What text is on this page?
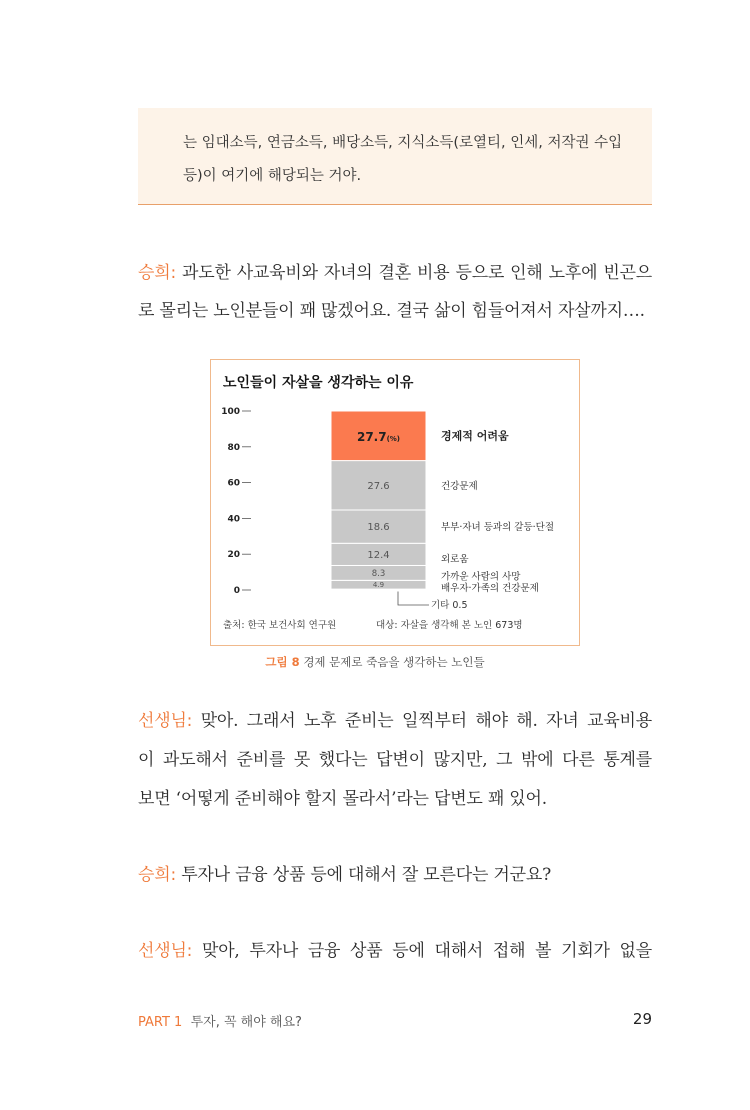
는 임대소득, 연금소득, 배당소득, 지식소득(로열티, 인세, 저작권 수입
등)이 여기에 해당되는 거야.
승희: 과도한 사교육비와 자녀의 결혼 비용 등으로 인해 노후에 빈곤으
로 몰리는 노인분들이 꽤 많겠어요. 결국 삶이 힘들어져서 자살까지….
노인들이 자살을 생각하는 이유
0
20
40
60
80
100
4.9
8.3
12.4
18.6
27.6
27.7(%)
기타 0.5
배우자·가족의 건강문제
가까운 사람의 사망
외로움
부부·자녀 등과의 갈등·단절
건강문제
경제적 어려움
출처: 한국 보건사회 연구원	대상: 자살을 생각해 본 노인 673명
그림 8 경제 문제로 죽음을 생각하는 노인들
선생님: 맞아. 그래서 노후 준비는 일찍부터 해야 해. 자녀 교육비용
이 과도해서 준비를 못 했다는 답변이 많지만, 그 밖에 다른 통계를
보면 ‘어떻게 준비해야 할지 몰라서’라는 답변도 꽤 있어.
승희: 투자나 금융 상품 등에 대해서 잘 모른다는 거군요?
선생님: 맞아, 투자나 금융 상품 등에 대해서 접해 볼 기회가 없을
PART 1 투자, 꼭 해야 해요?	29
